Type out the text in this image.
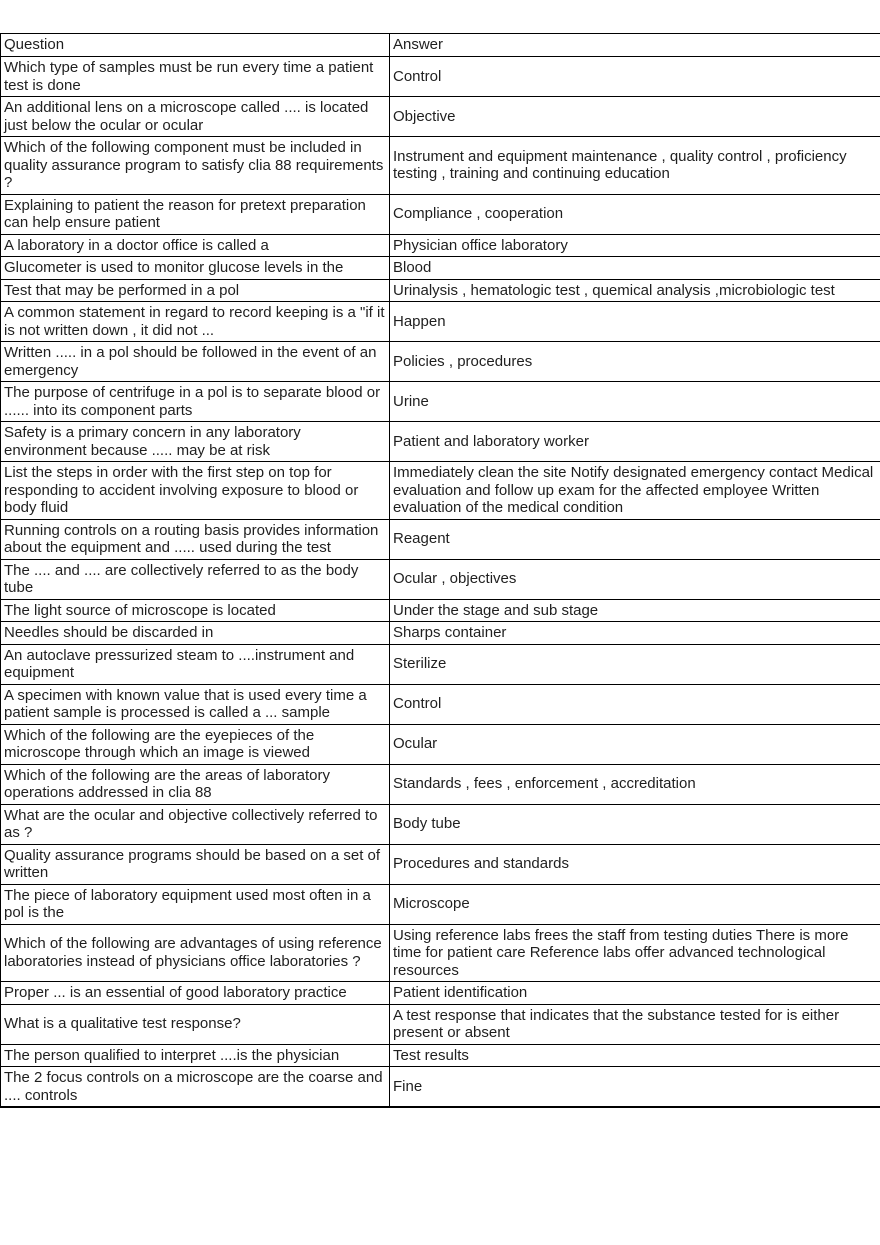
Question	Answer
Which type of samples must be run every time a patient test is done	Control
An additional lens on a microscope called .... is located just below the ocular or ocular	Objective
Which of the following component must be included in quality assurance program to satisfy clia 88 requirements ?	Instrument and equipment maintenance , quality control , proficiency testing , training and continuing education
Explaining to patient the reason for pretext preparation can help ensure patient	Compliance , cooperation
A laboratory in a doctor office is called a	Physician office laboratory
Glucometer is used to monitor glucose levels in the	Blood
Test that may be performed in a pol	Urinalysis , hematologic test , quemical analysis ,microbiologic test
A common statement in regard to record keeping is a "if it is not written down , it did not ...	Happen
Written ..... in a pol should be followed in the event of an emergency	Policies , procedures
The purpose of centrifuge in a pol is to separate blood or ...... into its component parts	Urine
Safety is a primary concern in any laboratory environment because ..... may be at risk	Patient and laboratory worker
List the steps in order with the first step on top for responding to accident involving exposure to blood or body fluid	Immediately clean the site Notify designated emergency contact Medical evaluation and follow up exam for the affected employee Written evaluation of the medical condition
Running controls on a routing basis provides information about the equipment and ..... used during the test	Reagent
The .... and .... are collectively referred to as the body tube	Ocular , objectives
The light source of microscope is located	Under the stage and sub stage
Needles should be discarded in	Sharps container
An autoclave pressurized steam to ....instrument and equipment	Sterilize
A specimen with known value that is used every time a patient sample is processed is called a ... sample	Control
Which of the following are the eyepieces of the microscope through which an image is viewed	Ocular
Which of the following are the areas of laboratory operations addressed in clia 88	Standards , fees , enforcement , accreditation
What are the ocular and objective collectively referred to as ?	Body tube
Quality assurance programs should be based on a set of written	Procedures and standards
The piece of laboratory equipment used most often in a pol is the	Microscope
Which of the following are advantages of using reference laboratories instead of physicians office laboratories ?	Using reference labs frees the staff from testing duties There is more time for patient care Reference labs offer advanced technological resources
Proper ... is an essential of good laboratory practice	Patient identification
What is a qualitative test response?	A test response that indicates that the substance tested for is either present or absent
The person qualified to interpret ....is the physician	Test results
The 2 focus controls on a microscope are the coarse and .... controls	Fine
